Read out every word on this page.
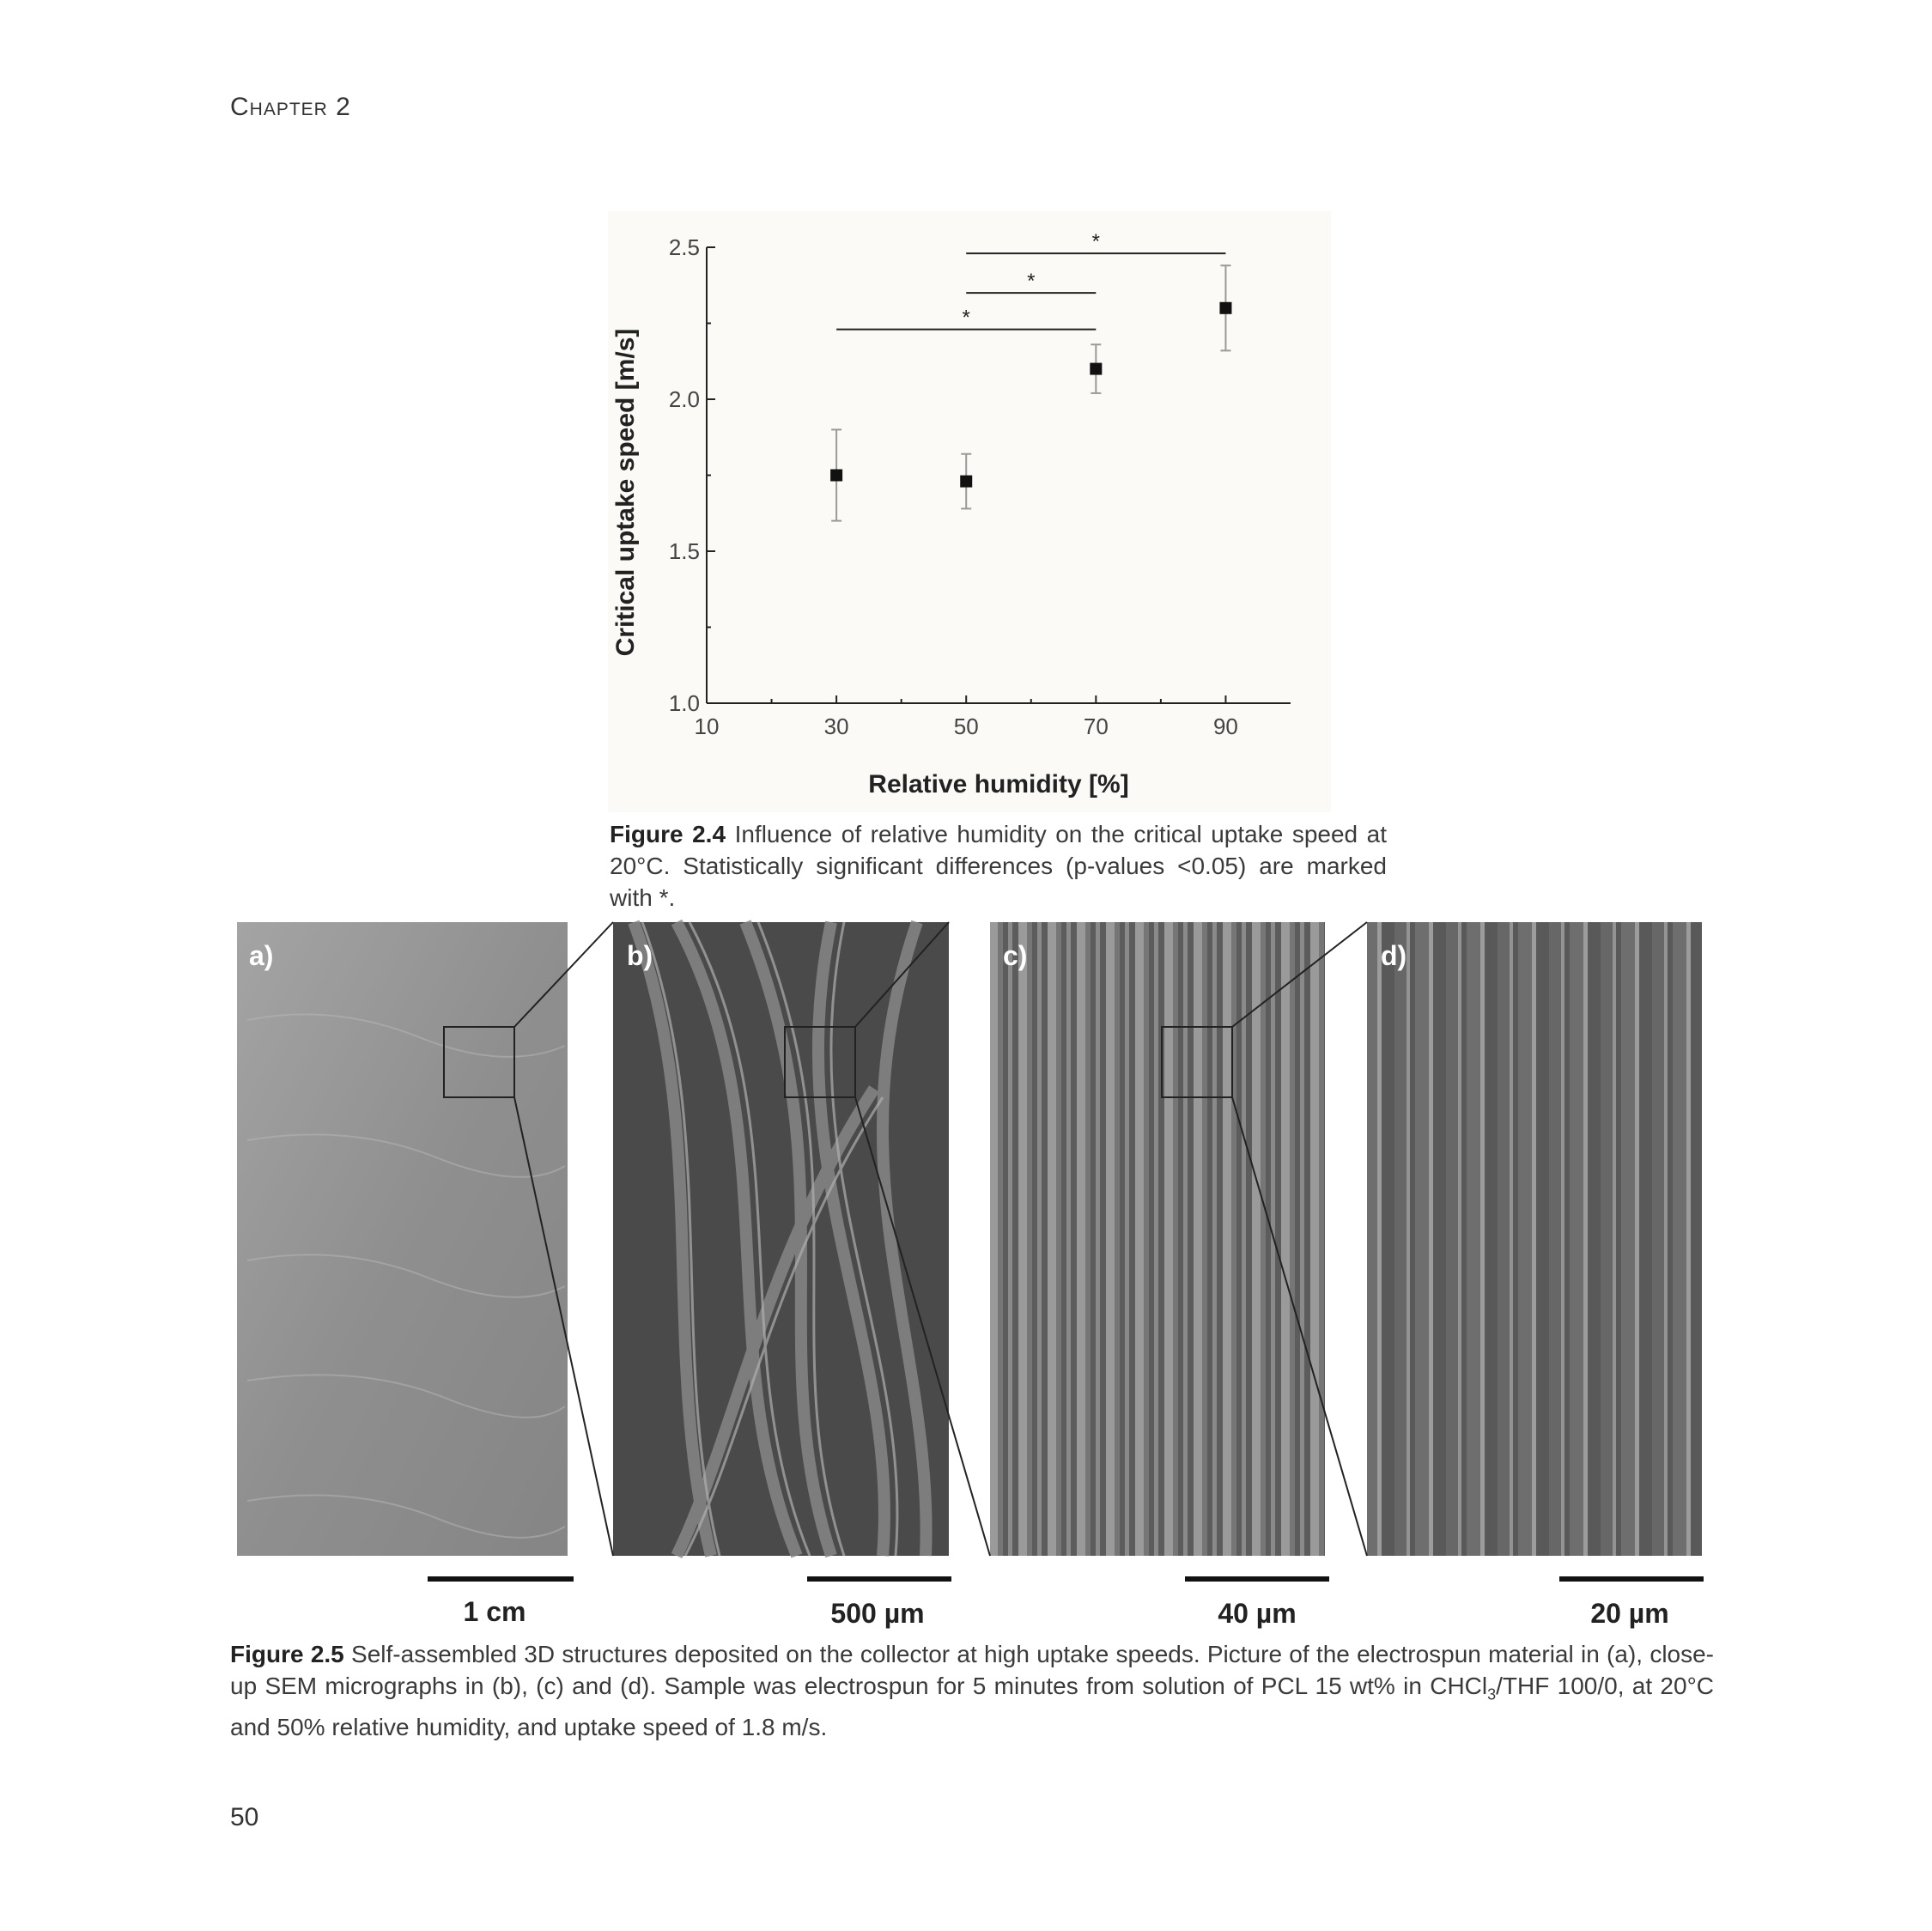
Chapter 2
10	30	50	70	90
1.0
1.5
2.0
2.5
Relative humidity [%]
Critical uptake speed [m/s]
*
*
*
Figure 2.4 Influence of relative humidity on the critical uptake speed at 20°C. Statistically significant differences (p-values <0.05) are marked with *.
a)	b)	c)	d)
1 cm	500 µm	40 µm	20 µm
Figure 2.5 Self-assembled 3D structures deposited on the collector at high uptake speeds. Picture of the electrospun material in (a), close-up SEM micrographs in (b), (c) and (d). Sample was electrospun for 5 minutes from solution of PCL 15 wt% in CHCl$_3$/THF 100/0, at 20°C and 50% relative humidity, and uptake speed of 1.8 m/s.
50
